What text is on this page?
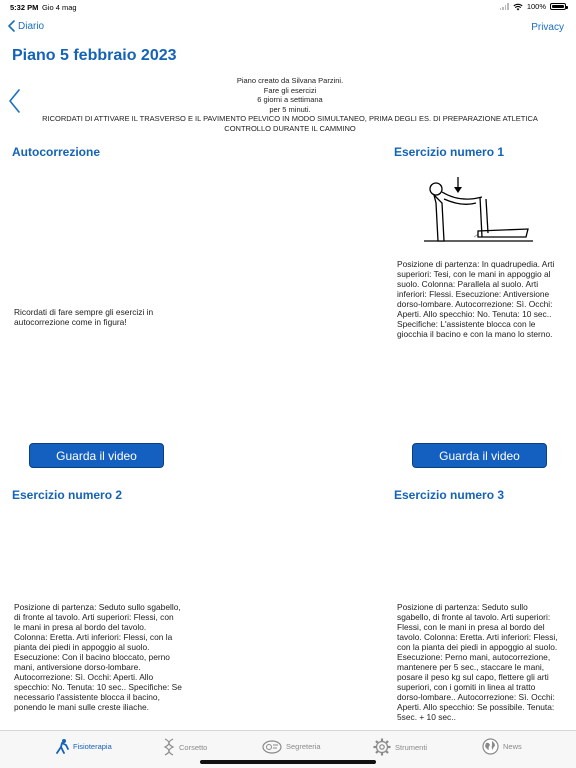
5:32 PM Gio 4 mag	100%
Diario	Privacy
Piano 5 febbraio 2023
Piano creato da Silvana Parzini.
Fare gli esercizi
6 giorni a settimana
per 5 minuti.
RICORDATI DI ATTIVARE IL TRASVERSO E IL PAVIMENTO PELVICO IN MODO SIMULTANEO, PRIMA DEGLI ES. DI PREPARAZIONE ATLETICA
CONTROLLO DURANTE IL CAMMINO
Autocorrezione
Ricordati di fare sempre gli esercizi in autocorrezione come in figura!
Guarda il video
Esercizio numero 1
Posizione di partenza: In quadrupedia. Arti superiori: Tesi, con le mani in appoggio al suolo. Colonna: Parallela al suolo. Arti inferiori: Flessi. Esecuzione: Antiversione dorso-lombare. Autocorrezione: Sì. Occhi: Aperti. Allo specchio: No. Tenuta: 10 sec.. Specifiche: L'assistente blocca con le giocchia il bacino e con la mano lo sterno.
Guarda il video
Esercizio numero 2
Posizione di partenza: Seduto sullo sgabello, di fronte al tavolo. Arti superiori: Flessi, con le mani in presa al bordo del tavolo. Colonna: Eretta. Arti inferiori: Flessi, con la pianta dei piedi in appoggio al suolo. Esecuzione: Con il bacino bloccato, perno mani, antiversione dorso-lombare. Autocorrezione: Sì. Occhi: Aperti. Allo specchio: No. Tenuta: 10 sec.. Specifiche: Se necessario l'assistente blocca il bacino, ponendo le mani sulle creste iliache.
Esercizio numero 3
Posizione di partenza: Seduto sullo sgabello, di fronte al tavolo. Arti superiori: Flessi, con le mani in presa al bordo del tavolo. Colonna: Eretta. Arti inferiori: Flessi, con la pianta dei piedi in appoggio al suolo. Esecuzione: Perno mani, autocorrezione, mantenere per 5 sec., staccare le mani, posare il peso kg sul capo, flettere gli arti superiori, con i gomiti in linea al tratto dorso-lombare.. Autocorrezione: Sì. Occhi: Aperti. Allo specchio: Se possibile. Tenuta: 5sec. + 10 sec..
Fisioterapia	Corsetto	Segreteria	Strumenti	News
